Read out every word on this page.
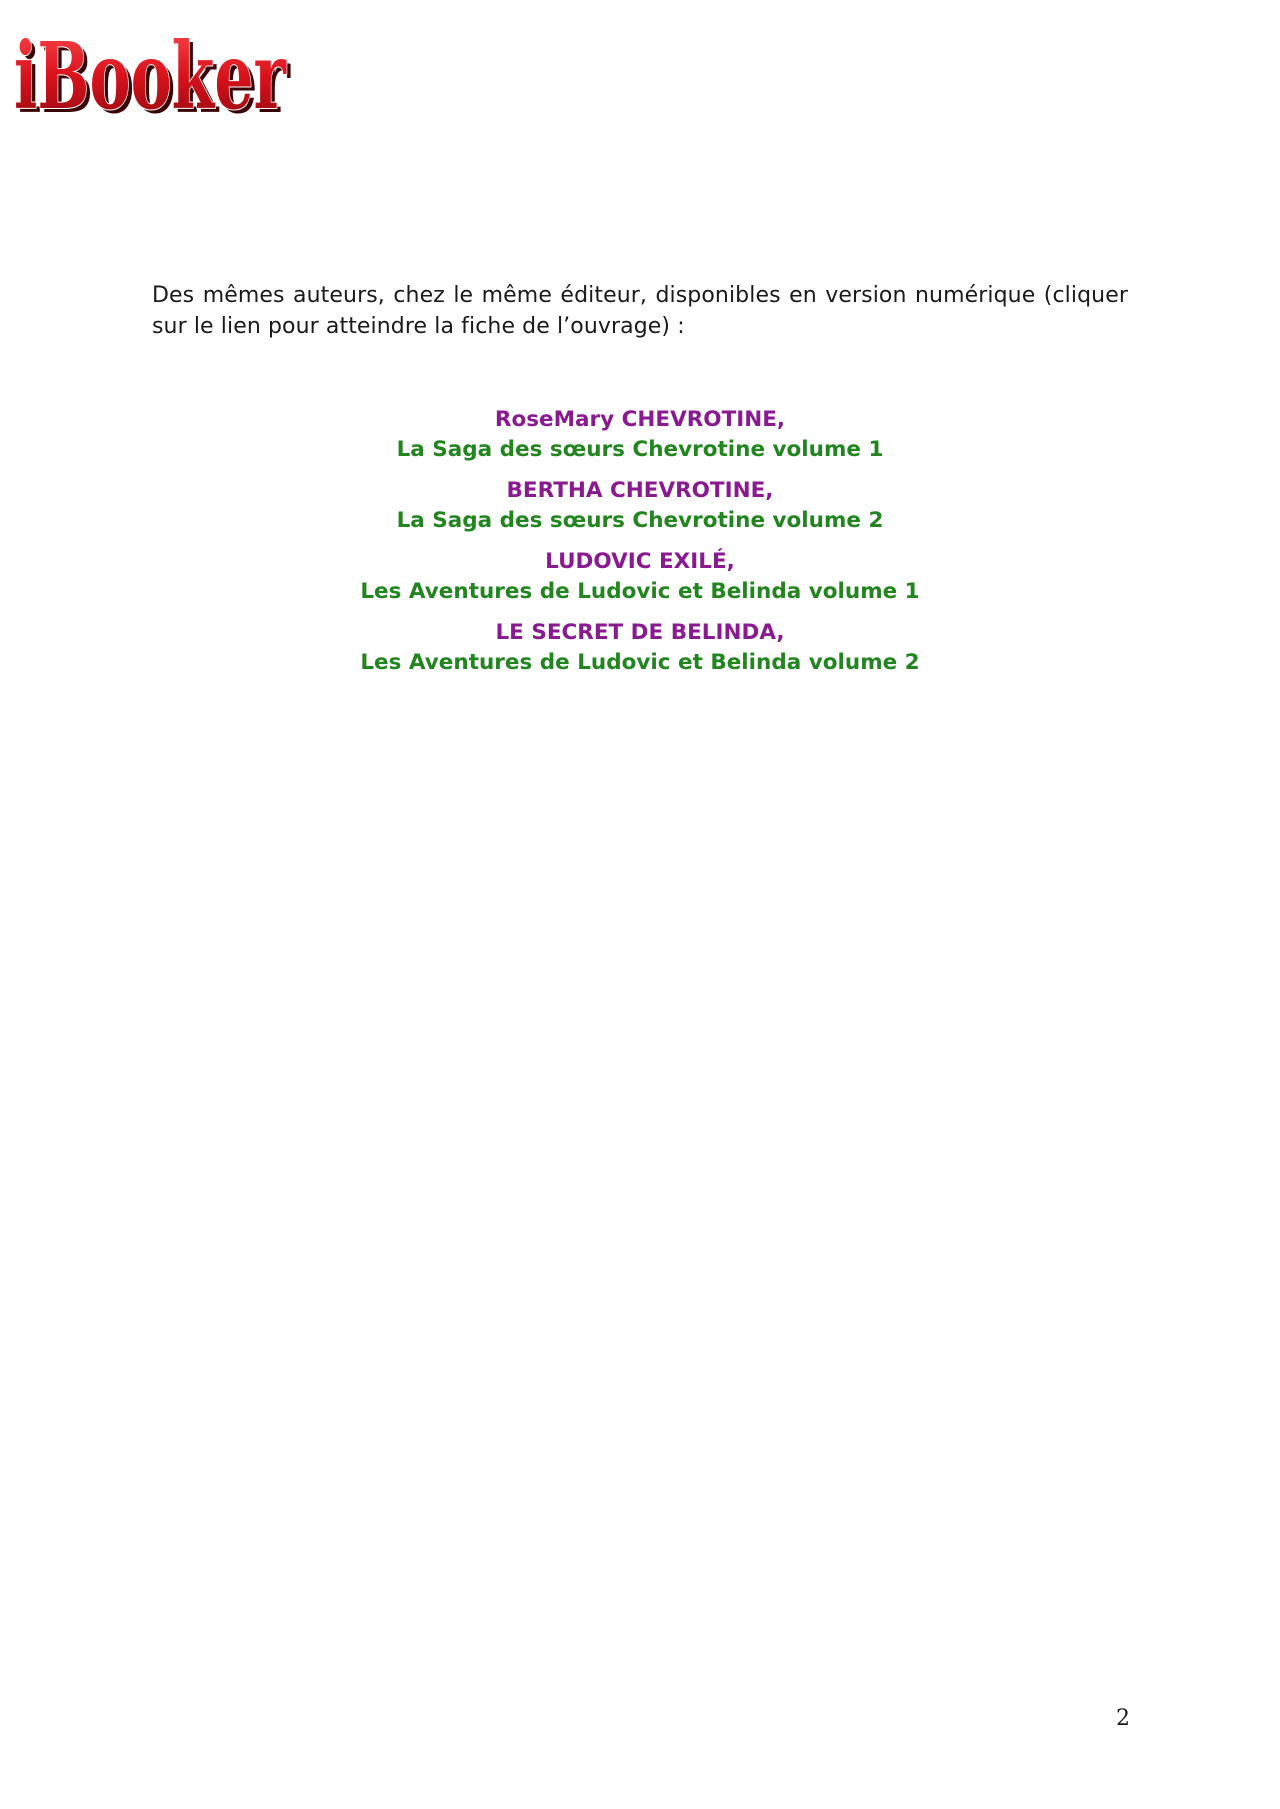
iBooker
iBooker

Des mêmes auteurs, chez le même éditeur, disponibles en version numérique (cliquer sur le lien pour atteindre la fiche de l’ouvrage) :

RoseMary CHEVROTINE,
La Saga des sœurs Chevrotine volume 1
BERTHA CHEVROTINE,
La Saga des sœurs Chevrotine volume 2
LUDOVIC EXILÉ,
Les Aventures de Ludovic et Belinda volume 1
LE SECRET DE BELINDA,
Les Aventures de Ludovic et Belinda volume 2
2
